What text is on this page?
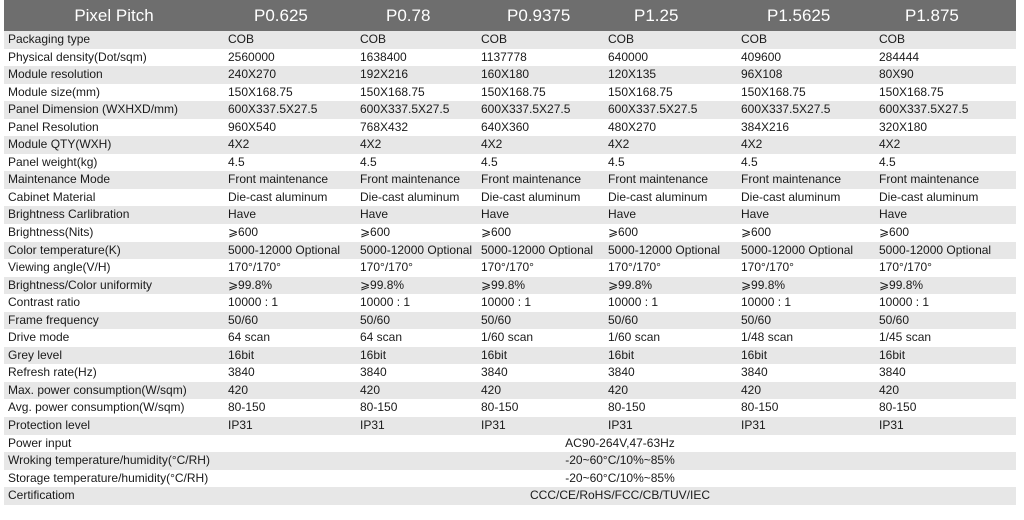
Pixel Pitch	P0.625	P0.78	P0.9375	P1.25	P1.5625	P1.875
Packaging type	COB	COB	COB	COB	COB	COB
Physical density(Dot/sqm)	2560000	1638400	1137778	640000	409600	284444
Module resolution	240X270	192X216	160X180	120X135	96X108	80X90
Module size(mm)	150X168.75	150X168.75	150X168.75	150X168.75	150X168.75	150X168.75
Panel Dimension (WXHXD/mm)	600X337.5X27.5	600X337.5X27.5	600X337.5X27.5	600X337.5X27.5	600X337.5X27.5	600X337.5X27.5
Panel Resolution	960X540	768X432	640X360	480X270	384X216	320X180
Module QTY(WXH)	4X2	4X2	4X2	4X2	4X2	4X2
Panel weight(kg)	4.5	4.5	4.5	4.5	4.5	4.5
Maintenance Mode	Front maintenance	Front maintenance	Front maintenance	Front maintenance	Front maintenance	Front maintenance
Cabinet Material	Die-cast aluminum	Die-cast aluminum	Die-cast aluminum	Die-cast aluminum	Die-cast aluminum	Die-cast aluminum
Brightness Carlibration	Have	Have	Have	Have	Have	Have
Brightness(Nits)	⩾600	⩾600	⩾600	⩾600	⩾600	⩾600
Color temperature(K)	5000-12000 Optional	5000-12000 Optional	5000-12000 Optional	5000-12000 Optional	5000-12000 Optional	5000-12000 Optional
Viewing angle(V/H)	170°/170°	170°/170°	170°/170°	170°/170°	170°/170°	170°/170°
Brightness/Color uniformity	⩾99.8%	⩾99.8%	⩾99.8%	⩾99.8%	⩾99.8%	⩾99.8%
Contrast ratio	10000 : 1	10000 : 1	10000 : 1	10000 : 1	10000 : 1	10000 : 1
Frame frequency	50/60	50/60	50/60	50/60	50/60	50/60
Drive mode	64 scan	64 scan	1/60 scan	1/60 scan	1/48 scan	1/45 scan
Grey level	16bit	16bit	16bit	16bit	16bit	16bit
Refresh rate(Hz)	3840	3840	3840	3840	3840	3840
Max. power consumption(W/sqm)	420	420	420	420	420	420
Avg. power consumption(W/sqm)	80-150	80-150	80-150	80-150	80-150	80-150
Protection level	IP31	IP31	IP31	IP31	IP31	IP31
Power input	AC90-264V,47-63Hz					
Wroking temperature/humidity(°C/RH)	-20~60°C/10%~85%					
Storage temperature/humidity(°C/RH)	-20~60°C/10%~85%					
Certificatiom	CCC/CE/RoHS/FCC/CB/TUV/IEC					
